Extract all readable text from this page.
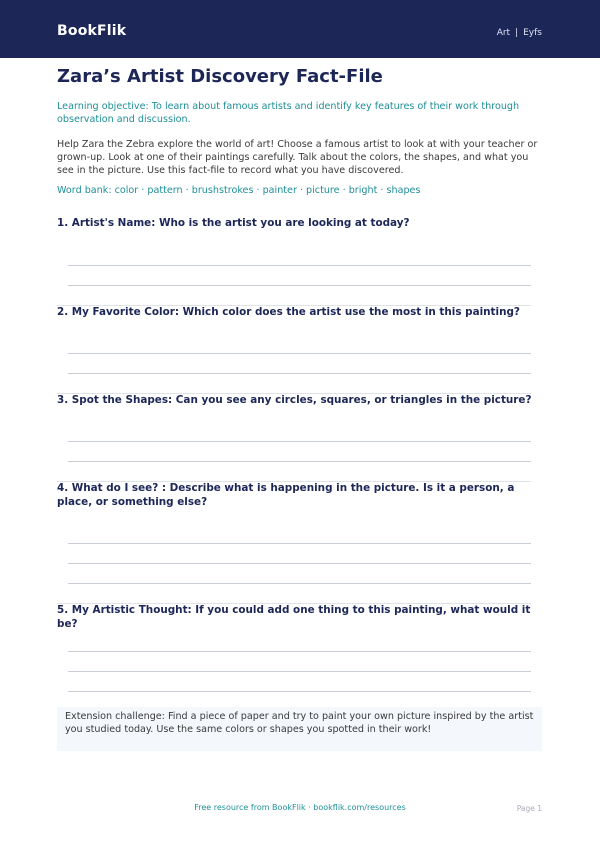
BookFlik	Art | Eyfs
Zara’s Artist Discovery Fact-File

Learning objective: To learn about famous artists and identify key features of their work through observation and discussion.

Help Zara the Zebra explore the world of art! Choose a famous artist to look at with your teacher or grown-up. Look at one of their paintings carefully. Talk about the colors, the shapes, and what you see in the picture. Use this fact-file to record what you have discovered.

Word bank: color · pattern · brushstrokes · painter · picture · bright · shapes

1. Artist's Name: Who is the artist you are looking at today?

2. My Favorite Color: Which color does the artist use the most in this painting?

3. Spot the Shapes: Can you see any circles, squares, or triangles in the picture?

4. What do I see? : Describe what is happening in the picture. Is it a person, a place, or something else?

5. My Artistic Thought: If you could add one thing to this painting, what would it be?

Extension challenge: Find a piece of paper and try to paint your own picture inspired by the artist you studied today. Use the same colors or shapes you spotted in their work!
Free resource from BookFlik · bookflik.com/resources	Page 1
